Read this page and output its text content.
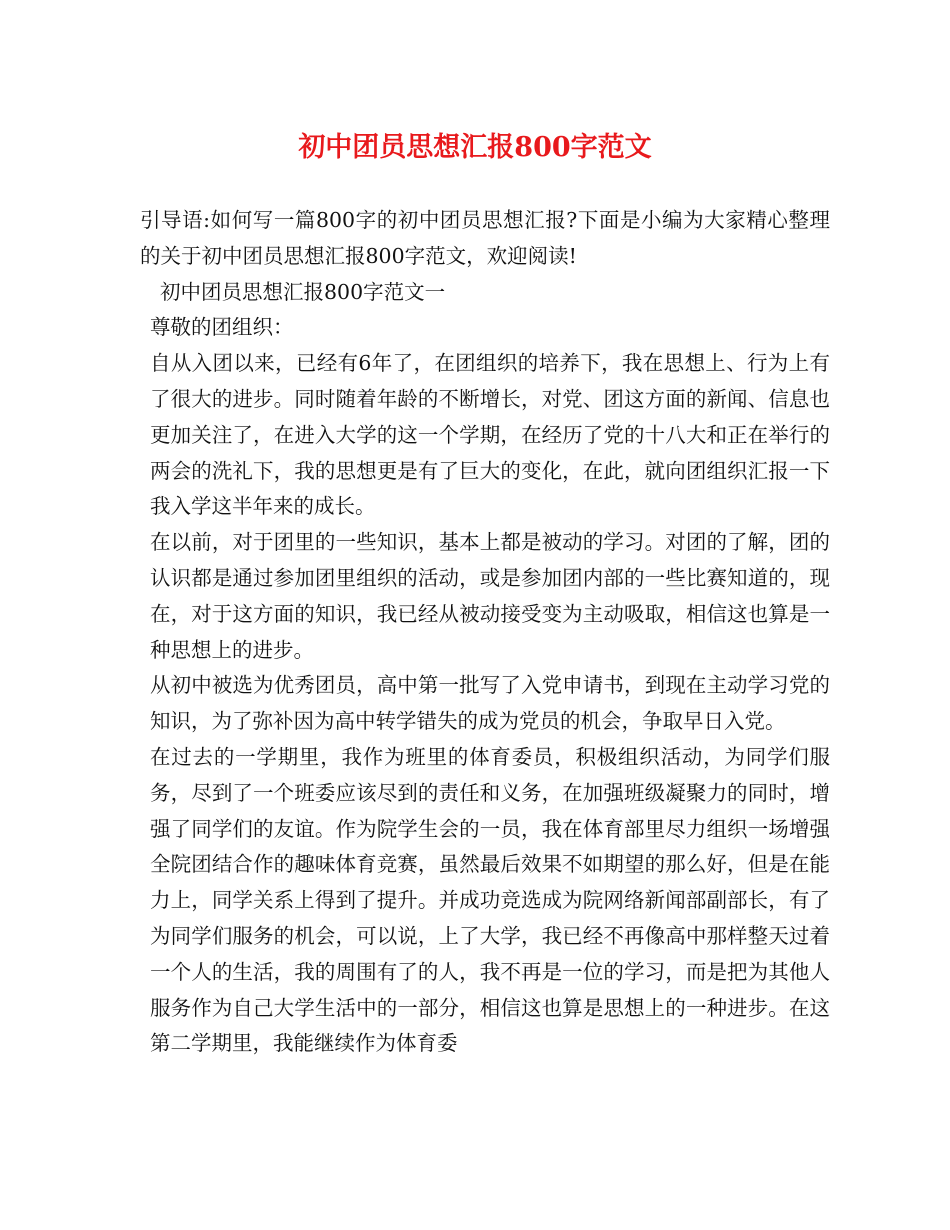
初中团员思想汇报800字范文

引导语:如何写一篇800字的初中团员思想汇报?下面是小编为大家精心整理的关于初中团员思想汇报800字范文，欢迎阅读!

初中团员思想汇报800字范文一

尊敬的团组织：

自从入团以来，已经有6年了，在团组织的培养下，我在思想上、行为上有了很大的进步。同时随着年龄的不断增长，对党、团这方面的新闻、信息也更加关注了，在进入大学的这一个学期，在经历了党的十八大和正在举行的两会的洗礼下，我的思想更是有了巨大的变化，在此，就向团组织汇报一下我入学这半年来的成长。

在以前，对于团里的一些知识，基本上都是被动的学习。对团的了解，团的认识都是通过参加团里组织的活动，或是参加团内部的一些比赛知道的，现在，对于这方面的知识，我已经从被动接受变为主动吸取，相信这也算是一种思想上的进步。

从初中被选为优秀团员，高中第一批写了入党申请书，到现在主动学习党的知识，为了弥补因为高中转学错失的成为党员的机会，争取早日入党。

在过去的一学期里，我作为班里的体育委员，积极组织活动，为同学们服务，尽到了一个班委应该尽到的责任和义务，在加强班级凝聚力的同时，增强了同学们的友谊。作为院学生会的一员，我在体育部里尽力组织一场增强全院团结合作的趣味体育竞赛，虽然最后效果不如期望的那么好，但是在能力上，同学关系上得到了提升。并成功竞选成为院网络新闻部副部长，有了为同学们服务的机会，可以说，上了大学，我已经不再像高中那样整天过着一个人的生活，我的周围有了的人，我不再是一位的学习，而是把为其他人服务作为自己大学生活中的一部分，相信这也算是思想上的一种进步。在这第二学期里，我能继续作为体育委
